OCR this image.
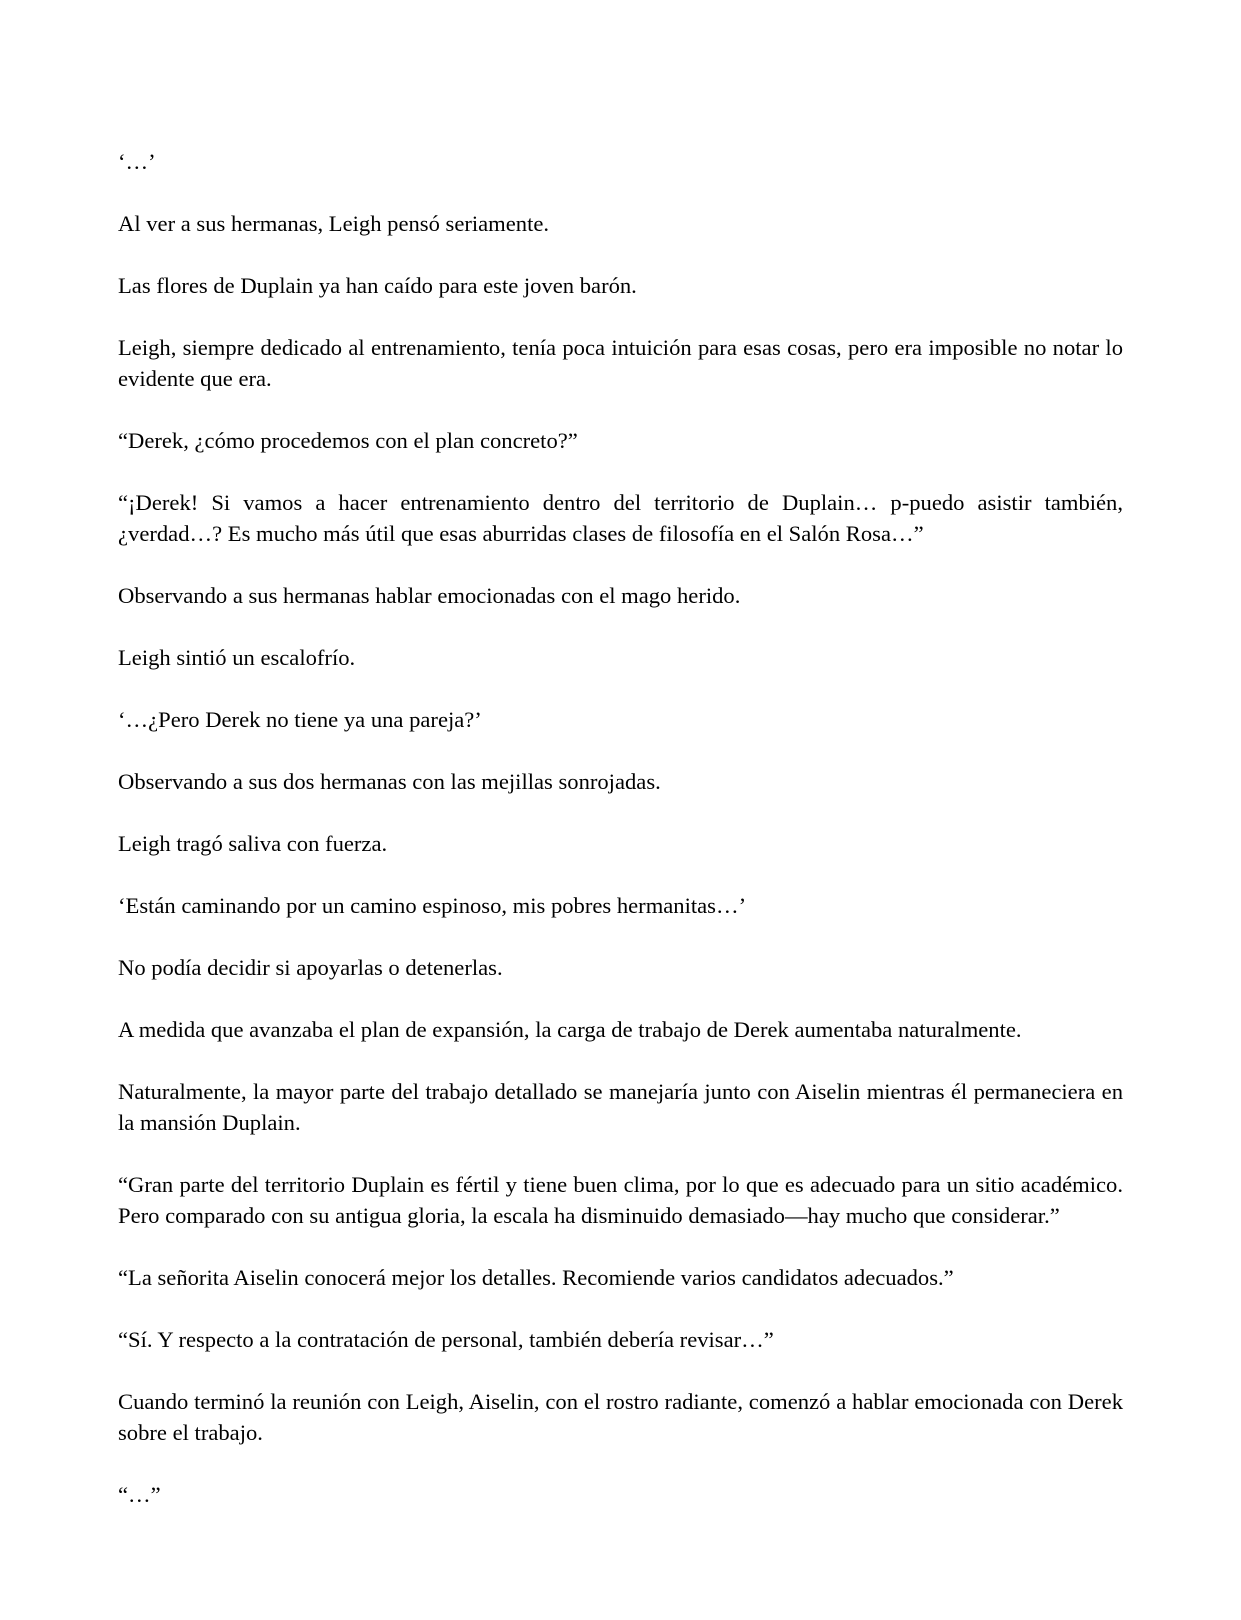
‘…’

Al ver a sus hermanas, Leigh pensó seriamente.

Las flores de Duplain ya han caído para este joven barón.

Leigh, siempre dedicado al entrenamiento, tenía poca intuición para esas cosas, pero era imposible no notar lo evidente que era.

“Derek, ¿cómo procedemos con el plan concreto?”

“¡Derek! Si vamos a hacer entrenamiento dentro del territorio de Duplain… p-puedo asistir también, ¿verdad…? Es mucho más útil que esas aburridas clases de filosofía en el Salón Rosa…”

Observando a sus hermanas hablar emocionadas con el mago herido.

Leigh sintió un escalofrío.

‘…¿Pero Derek no tiene ya una pareja?’

Observando a sus dos hermanas con las mejillas sonrojadas.

Leigh tragó saliva con fuerza.

‘Están caminando por un camino espinoso, mis pobres hermanitas…’

No podía decidir si apoyarlas o detenerlas.

A medida que avanzaba el plan de expansión, la carga de trabajo de Derek aumentaba naturalmente.

Naturalmente, la mayor parte del trabajo detallado se manejaría junto con Aiselin mientras él permaneciera en la mansión Duplain.

“Gran parte del territorio Duplain es fértil y tiene buen clima, por lo que es adecuado para un sitio académico. Pero comparado con su antigua gloria, la escala ha disminuido demasiado—hay mucho que considerar.”

“La señorita Aiselin conocerá mejor los detalles. Recomiende varios candidatos adecuados.”

“Sí. Y respecto a la contratación de personal, también debería revisar…”

Cuando terminó la reunión con Leigh, Aiselin, con el rostro radiante, comenzó a hablar emocionada con Derek sobre el trabajo.

“…”
